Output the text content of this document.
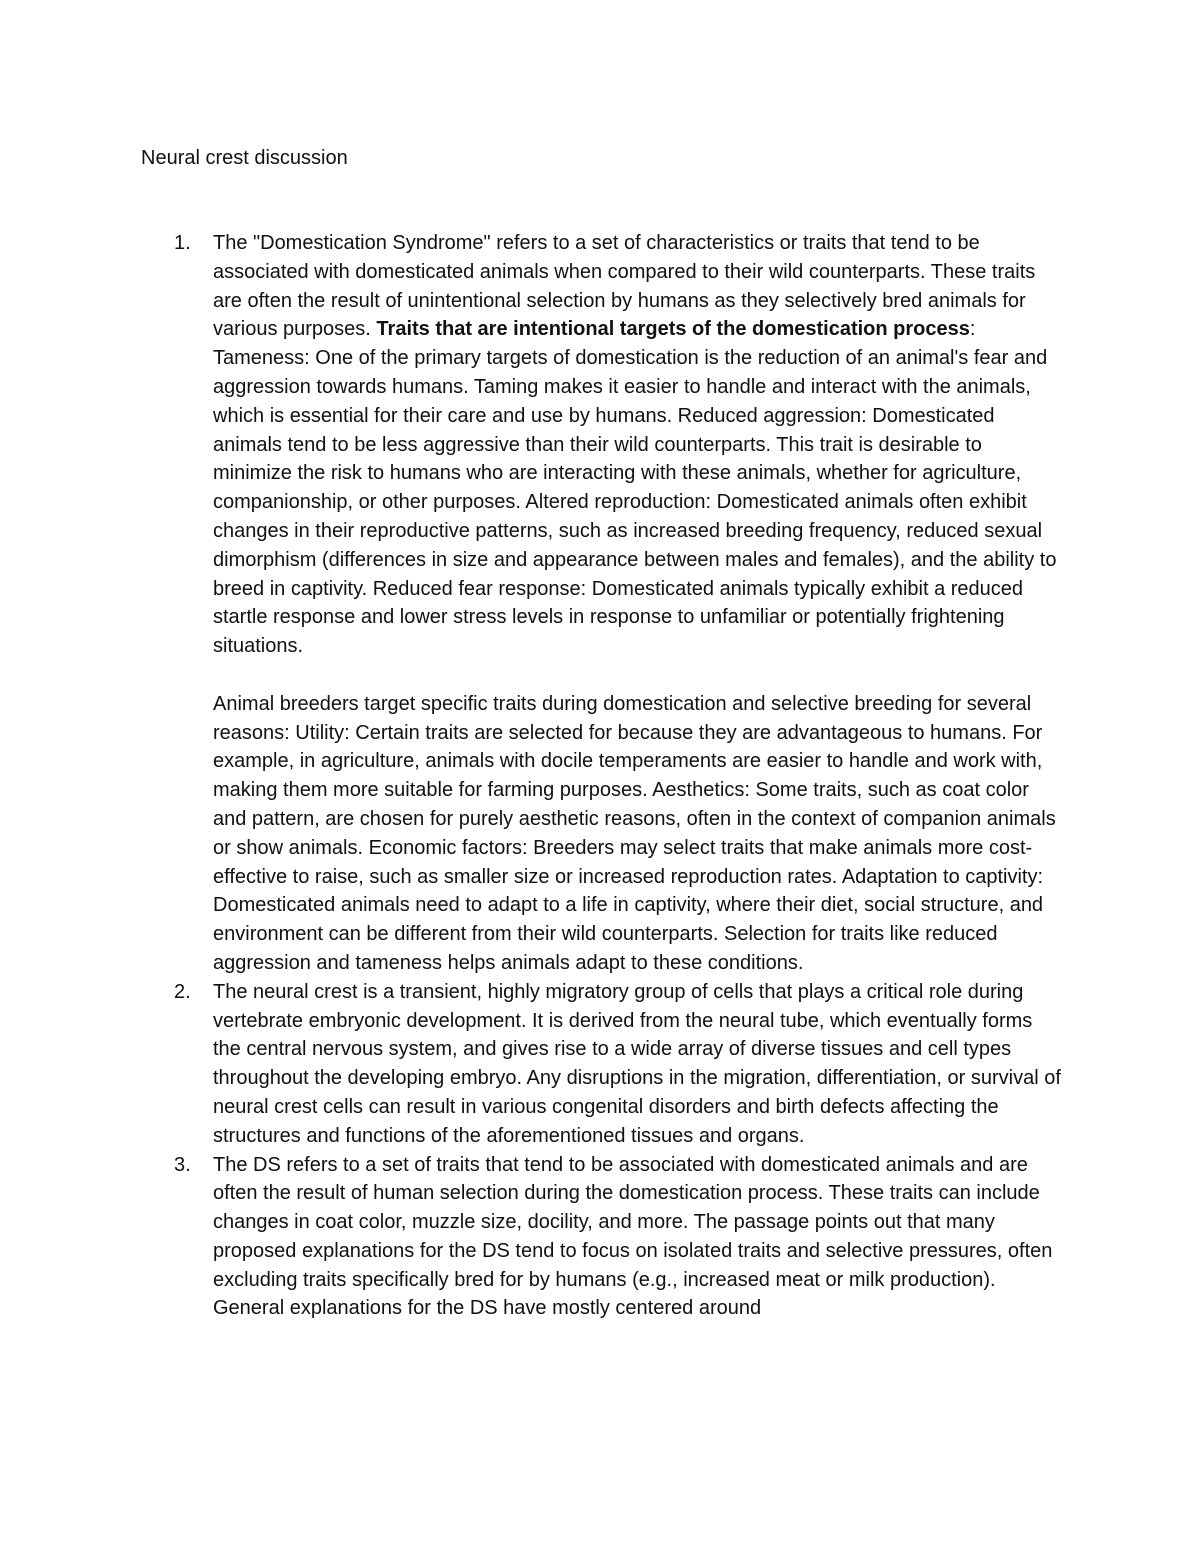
Neural crest discussion
1. The "Domestication Syndrome" refers to a set of characteristics or traits that tend to be associated with domesticated animals when compared to their wild counterparts. These traits are often the result of unintentional selection by humans as they selectively bred animals for various purposes. Traits that are intentional targets of the domestication process: Tameness: One of the primary targets of domestication is the reduction of an animal's fear and aggression towards humans. Taming makes it easier to handle and interact with the animals, which is essential for their care and use by humans. Reduced aggression: Domesticated animals tend to be less aggressive than their wild counterparts. This trait is desirable to minimize the risk to humans who are interacting with these animals, whether for agriculture, companionship, or other purposes. Altered reproduction: Domesticated animals often exhibit changes in their reproductive patterns, such as increased breeding frequency, reduced sexual dimorphism (differences in size and appearance between males and females), and the ability to breed in captivity. Reduced fear response: Domesticated animals typically exhibit a reduced startle response and lower stress levels in response to unfamiliar or potentially frightening situations.

Animal breeders target specific traits during domestication and selective breeding for several reasons: Utility: Certain traits are selected for because they are advantageous to humans. For example, in agriculture, animals with docile temperaments are easier to handle and work with, making them more suitable for farming purposes. Aesthetics: Some traits, such as coat color and pattern, are chosen for purely aesthetic reasons, often in the context of companion animals or show animals. Economic factors: Breeders may select traits that make animals more cost-effective to raise, such as smaller size or increased reproduction rates. Adaptation to captivity: Domesticated animals need to adapt to a life in captivity, where their diet, social structure, and environment can be different from their wild counterparts. Selection for traits like reduced aggression and tameness helps animals adapt to these conditions.

2. The neural crest is a transient, highly migratory group of cells that plays a critical role during vertebrate embryonic development. It is derived from the neural tube, which eventually forms the central nervous system, and gives rise to a wide array of diverse tissues and cell types throughout the developing embryo. Any disruptions in the migration, differentiation, or survival of neural crest cells can result in various congenital disorders and birth defects affecting the structures and functions of the aforementioned tissues and organs.

3. The DS refers to a set of traits that tend to be associated with domesticated animals and are often the result of human selection during the domestication process. These traits can include changes in coat color, muzzle size, docility, and more. The passage points out that many proposed explanations for the DS tend to focus on isolated traits and selective pressures, often excluding traits specifically bred for by humans (e.g., increased meat or milk production). General explanations for the DS have mostly centered around
